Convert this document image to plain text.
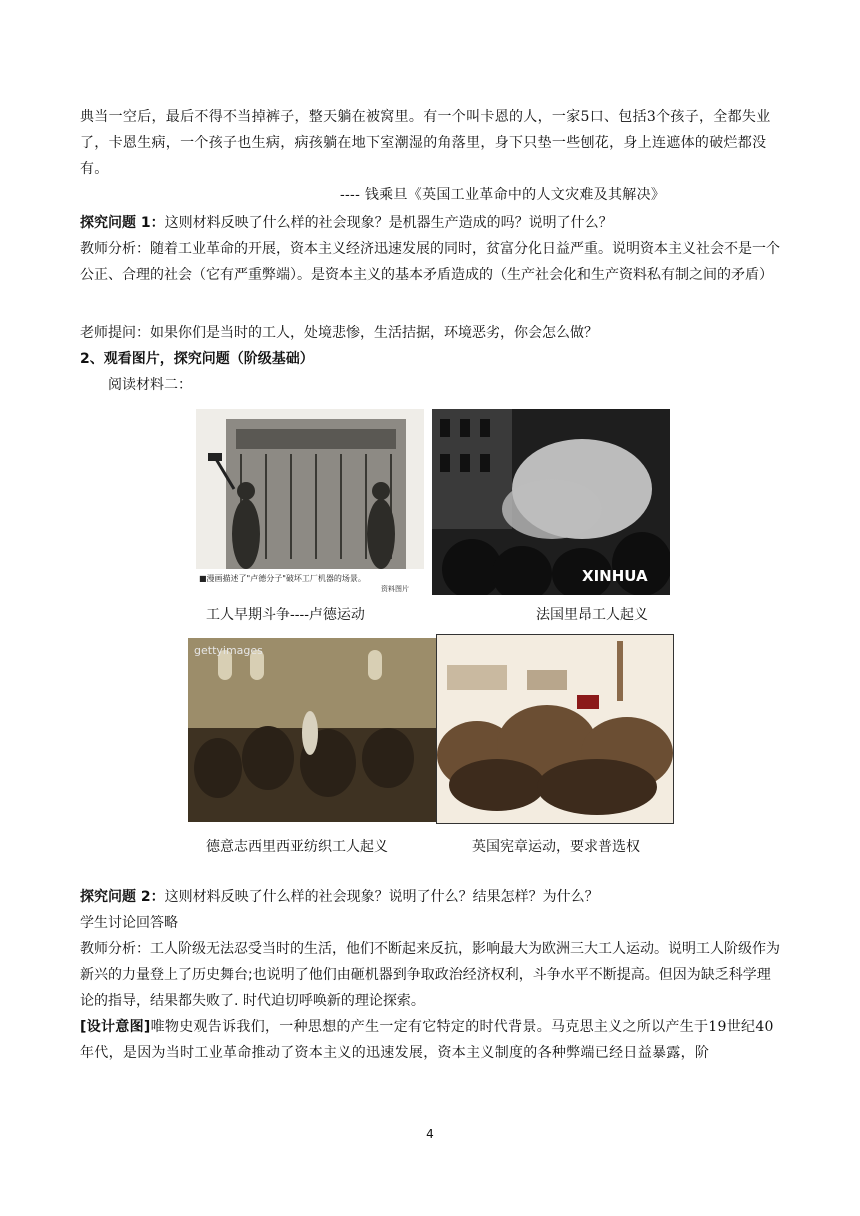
典当一空后，最后不得不当掉裤子，整天躺在被窝里。有一个叫卡恩的人，一家5口、包括3个孩子，全都失业了，卡恩生病，一个孩子也生病，病孩躺在地下室潮湿的角落里，身下只垫一些刨花，身上连遮体的破烂都没有。

---- 钱乘旦《英国工业革命中的人文灾难及其解决》

探究问题 1：这则材料反映了什么样的社会现象？是机器生产造成的吗？说明了什么？

教师分析：随着工业革命的开展，资本主义经济迅速发展的同时，贫富分化日益严重。说明资本主义社会不是一个公正、合理的社会（它有严重弊端）。是资本主义的基本矛盾造成的（生产社会化和生产资料私有制之间的矛盾）

老师提问：如果你们是当时的工人，处境悲惨，生活拮据，环境恶劣，你会怎么做？

2、观看图片，探究问题（阶级基础）

阅读材料二：

■漫画描述了"卢德分子"破坏工厂机器的场景。
资料图片
XINHUA
工人早期斗争----卢德运动	法国里昂工人起义
gettyimages
德意志西里西亚纺织工人起义	英国宪章运动，要求普选权

探究问题 2：这则材料反映了什么样的社会现象？说明了什么？结果怎样？为什么？

学生讨论回答略

教师分析：工人阶级无法忍受当时的生活，他们不断起来反抗，影响最大为欧洲三大工人运动。说明工人阶级作为新兴的力量登上了历史舞台;也说明了他们由砸机器到争取政治经济权利，斗争水平不断提高。但因为缺乏科学理论的指导，结果都失败了. 时代迫切呼唤新的理论探索。

[设计意图]唯物史观告诉我们，一种思想的产生一定有它特定的时代背景。马克思主义之所以产生于19世纪40年代，是因为当时工业革命推动了资本主义的迅速发展，资本主义制度的各种弊端已经日益暴露，阶

4
